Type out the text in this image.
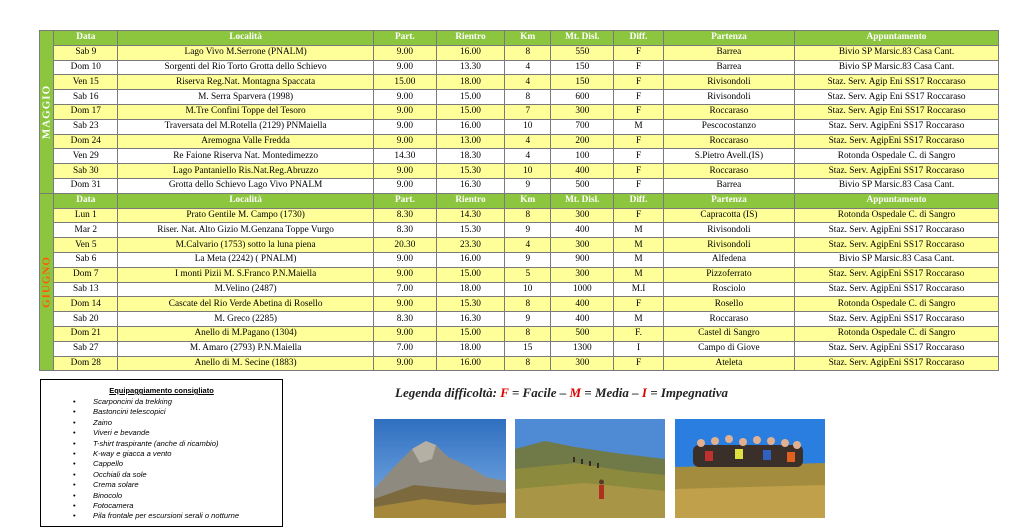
MAGGIO	Data	Località	Part.	Rientro	Km	Mt. Disl.	Diff.	Partenza	Appuntamento
	Sab 9	Lago Vivo M.Serrone (PNALM)	9.00	16.00	8	550	F	Barrea	Bivio SP Marsic.83 Casa Cant.
	Dom 10	Sorgenti del Rio Torto Grotta dello Schievo	9.00	13.30	4	150	F	Barrea	Bivio SP Marsic.83 Casa Cant.
	Ven 15	Riserva Reg.Nat. Montagna Spaccata	15.00	18.00	4	150	F	Rivisondoli	Staz. Serv. Agip Eni SS17 Roccaraso
	Sab 16	M. Serra Sparvera (1998)	9.00	15.00	8	600	F	Rivisondoli	Staz. Serv. Agip Eni SS17 Roccaraso
	Dom 17	M.Tre Confini Toppe del Tesoro	9.00	15.00	7	300	F	Roccaraso	Staz. Serv. Agip Eni SS17 Roccaraso
	Sab 23	Traversata del M.Rotella (2129) PNMaiella	9.00	16.00	10	700	M	Pescocostanzo	Staz. Serv. AgipEni SS17 Roccaraso
	Dom 24	Aremogna Valle Fredda	9.00	13.00	4	200	F	Roccaraso	Staz. Serv. AgipEni SS17 Roccaraso
	Ven 29	Re Faione Riserva Nat. Montedimezzo	14.30	18.30	4	100	F	S.Pietro Avell.(IS)	Rotonda Ospedale C. di Sangro
	Sab 30	Lago Pantaniello Ris.Nat.Reg.Abruzzo	9.00	15.30	10	400	F	Roccaraso	Staz. Serv. AgipEni SS17 Roccaraso
	Dom 31	Grotta dello Schievo Lago Vivo PNALM	9.00	16.30	9	500	F	Barrea	Bivio SP Marsic.83 Casa Cant.

GIUGNO	Data	Località	Part.	Rientro	Km	Mt. Disl.	Diff.	Partenza	Appuntamento
	Lun 1	Prato Gentile M. Campo (1730)	8.30	14.30	8	300	F	Capracotta (IS)	Rotonda Ospedale C. di Sangro
	Mar 2	Riser. Nat. Alto Gizio M.Genzana Toppe Vurgo	8.30	15.30	9	400	M	Rivisondoli	Staz. Serv. AgipEni SS17 Roccaraso
	Ven 5	M.Calvario (1753) sotto la luna piena	20.30	23.30	4	300	M	Rivisondoli	Staz. Serv. AgipEni SS17 Roccaraso
	Sab 6	La Meta (2242) ( PNALM)	9.00	16.00	9	900	M	Alfedena	Bivio SP Marsic.83 Casa Cant.
	Dom 7	I monti Pizii M. S.Franco P.N.Maiella	9.00	15.00	5	300	M	Pizzoferrato	Staz. Serv. AgipEni SS17 Roccaraso
	Sab 13	M.Velino (2487)	7.00	18.00	10	1000	M.I	Rosciolo	Staz. Serv. AgipEni SS17 Roccaraso
	Dom 14	Cascate del Rio Verde Abetina di Rosello	9.00	15.30	8	400	F	Rosello	Rotonda Ospedale C. di Sangro
	Sab 20	M. Greco (2285)	8.30	16.30	9	400	M	Roccaraso	Staz. Serv. AgipEni SS17 Roccaraso
	Dom 21	Anello di M.Pagano (1304)	9.00	15.00	8	500	F.	Castel di Sangro	Rotonda Ospedale C. di Sangro
	Sab 27	M. Amaro (2793) P.N.Maiella	7.00	18.00	15	1300	I	Campo di Giove	Staz. Serv. AgipEni SS17 Roccaraso
	Dom 28	Anello di M. Secine (1883)	9.00	16.00	8	300	F	Ateleta	Staz. Serv. AgipEni SS17 Roccaraso
Equipaggiamento consigliato
• Scarponcini da trekking
• Bastoncini telescopici
• Zaino
• Viveri e bevande
• T-shirt traspirante (anche di ricambio)
• K-way e giacca a vento
• Cappello
• Occhiali da sole
• Crema solare
• Binocolo
• Fotocamera
• Pila frontale per escursioni serali o notturne
Legenda difficoltà: F = Facile – M = Media – I = Impegnativa
